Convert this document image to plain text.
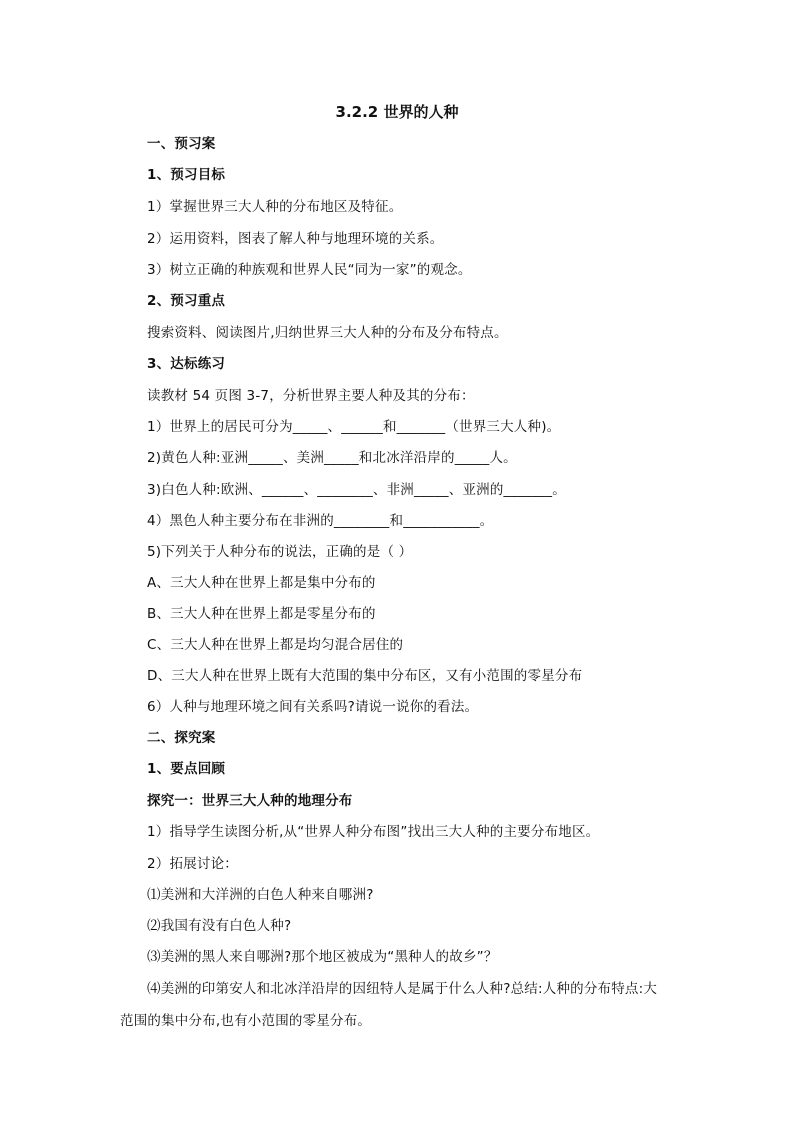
3.2.2 世界的人种
一、预习案
1、预习目标
1）掌握世界三大人种的分布地区及特征。
2）运用资料，图表了解人种与地理环境的关系。
3）树立正确的种族观和世界人民“同为一家”的观念。
2、预习重点
搜索资料、阅读图片,归纳世界三大人种的分布及分布特点。
3、达标练习
读教材 54 页图 3-7，分析世界主要人种及其的分布：
1）世界上的居民可分为_____、______和_______（世界三大人种)。
2)黄色人种:亚洲_____、美洲_____和北冰洋沿岸的_____人。
3)白色人种:欧洲、______、________、非洲_____、亚洲的_______。
4）黑色人种主要分布在非洲的________和___________。
5)下列关于人种分布的说法，正确的是（ ）
A、三大人种在世界上都是集中分布的
B、三大人种在世界上都是零星分布的
C、三大人种在世界上都是均匀混合居住的
D、三大人种在世界上既有大范围的集中分布区，又有小范围的零星分布
6）人种与地理环境之间有关系吗?请说一说你的看法。
二、探究案
1、要点回顾
探究一：世界三大人种的地理分布
1）指导学生读图分析,从“世界人种分布图”找出三大人种的主要分布地区。
2）拓展讨论：
⑴美洲和大洋洲的白色人种来自哪洲?
⑵我国有没有白色人种?
⑶美洲的黑人来自哪洲?那个地区被成为“黑种人的故乡”？
⑷美洲的印第安人和北冰洋沿岸的因纽特人是属于什么人种?总结:人种的分布特点:大
范围的集中分布,也有小范围的零星分布。
